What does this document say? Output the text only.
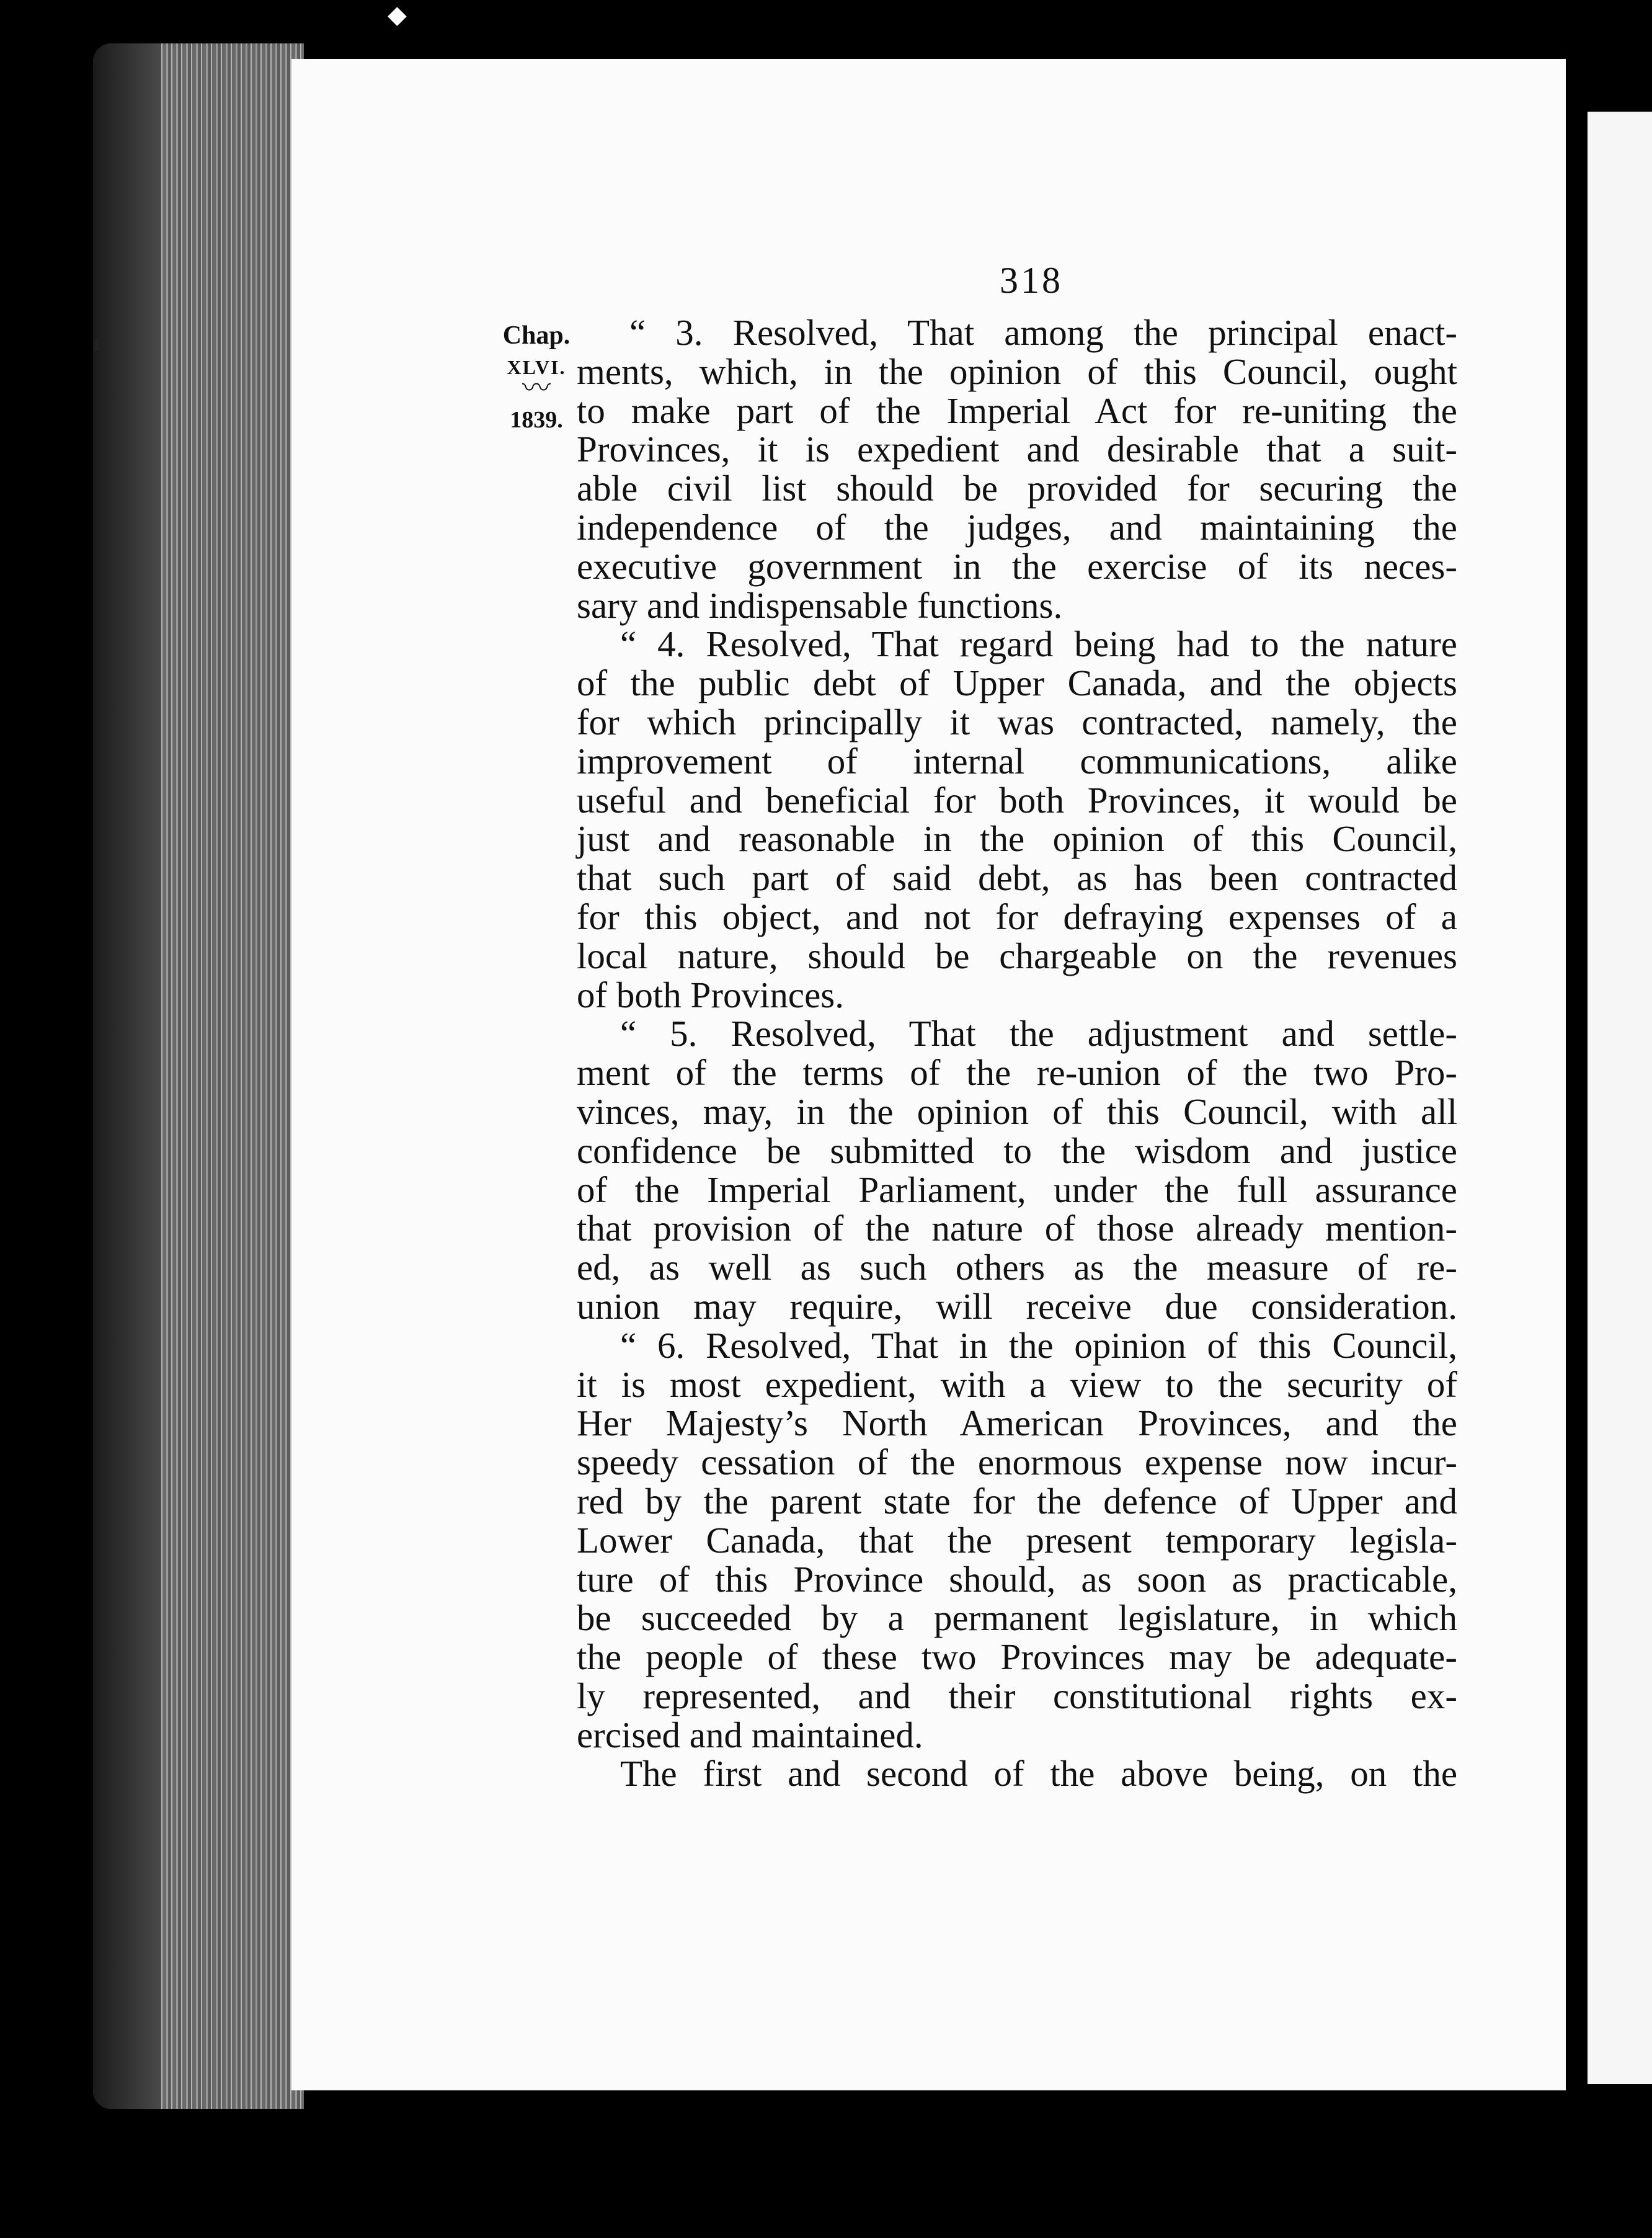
◆
ɾ
318
Chap.
XLVI.
〰
1839.
“ 3. Resolved, That among the principal enact-
ments, which, in the opinion of this Council, ought
to make part of the Imperial Act for re-uniting the
Provinces, it is expedient and desirable that a suit-
able civil list should be provided for securing the
independence of the judges, and maintaining the
executive government in the exercise of its neces-
sary and indispensable functions.
“ 4. Resolved, That regard being had to the nature
of the public debt of Upper Canada, and the objects
for which principally it was contracted, namely, the
improvement of internal communications, alike
useful and beneficial for both Provinces, it would be
just and reasonable in the opinion of this Council,
that such part of said debt, as has been contracted
for this object, and not for defraying expenses of a
local nature, should be chargeable on the revenues
of both Provinces.
“ 5. Resolved, That the adjustment and settle-
ment of the terms of the re-union of the two Pro-
vinces, may, in the opinion of this Council, with all
confidence be submitted to the wisdom and justice
of the Imperial Parliament, under the full assurance
that provision of the nature of those already mention-
ed, as well as such others as the measure of re-
union may require, will receive due consideration.
“ 6. Resolved, That in the opinion of this Council,
it is most expedient, with a view to the security of
Her Majesty’s North American Provinces, and the
speedy cessation of the enormous expense now incur-
red by the parent state for the defence of Upper and
Lower Canada, that the present temporary legisla-
ture of this Province should, as soon as practicable,
be succeeded by a permanent legislature, in which
the people of these two Provinces may be adequate-
ly represented, and their constitutional rights ex-
ercised and maintained.
The first and second of the above being, on the
